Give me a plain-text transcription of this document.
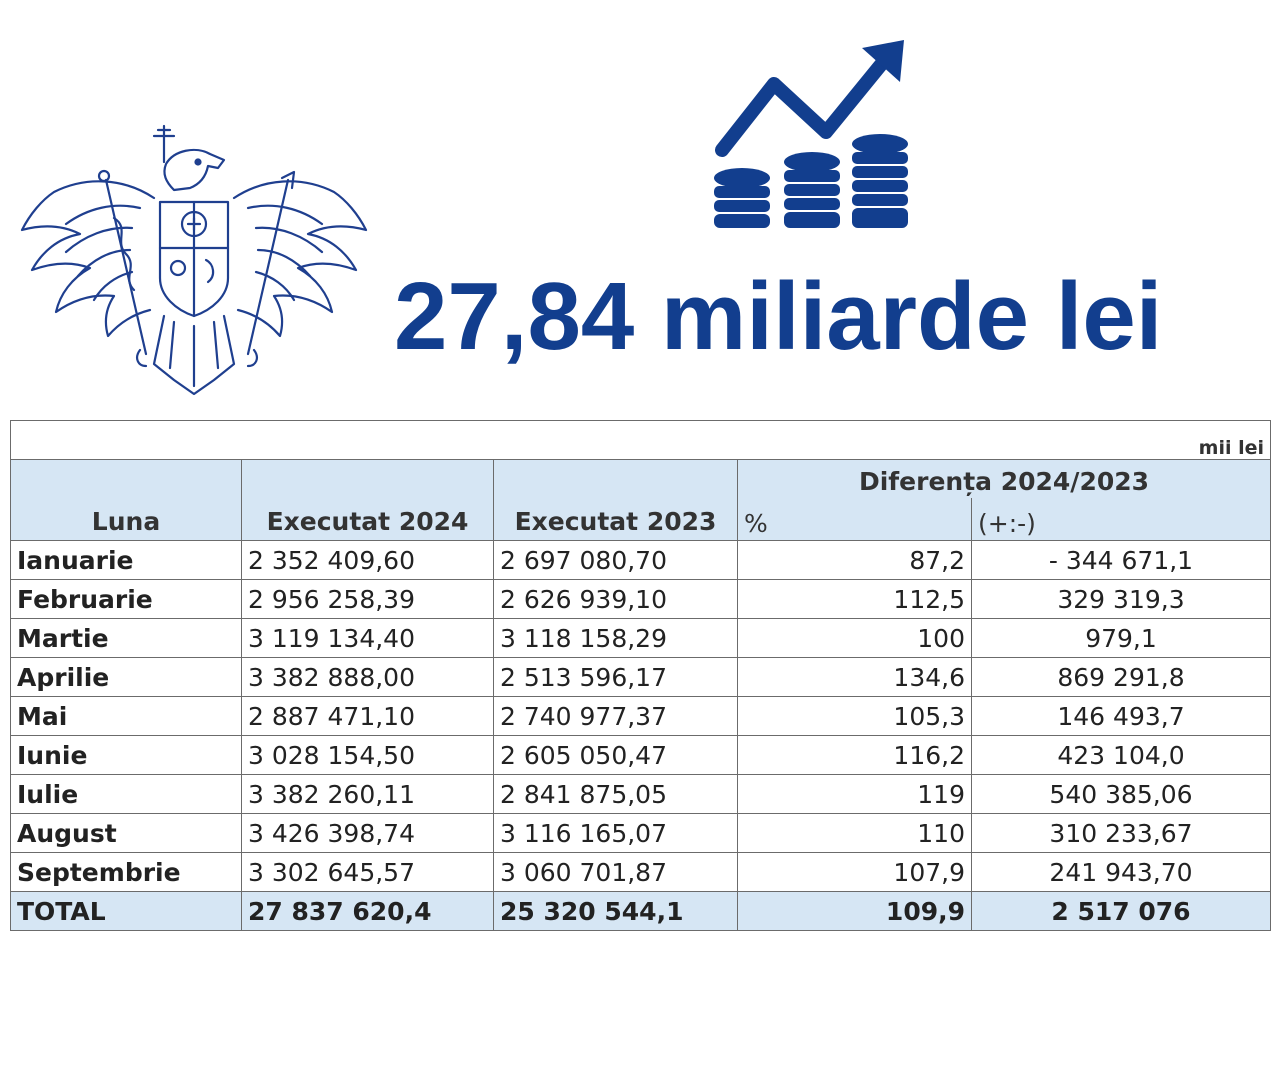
27,84 miliarde lei
mii lei				
Luna	Executat 2024	Executat 2023	Diferența 2024/2023	
			%	(+:-)
Ianuarie	2 352 409,60	2 697 080,70	87,2	- 344 671,1
Februarie	2 956 258,39	2 626 939,10	112,5	329 319,3
Martie	3 119 134,40	3 118 158,29	100	979,1
Aprilie	3 382 888,00	2 513 596,17	134,6	869 291,8
Mai	2 887 471,10	2 740 977,37	105,3	146 493,7
Iunie	3 028 154,50	2 605 050,47	116,2	423 104,0
Iulie	3 382 260,11	2 841 875,05	119	540 385,06
August	3 426 398,74	3 116 165,07	110	310 233,67
Septembrie	3 302 645,57	3 060 701,87	107,9	241 943,70
TOTAL	27 837 620,4	25 320 544,1	109,9	2 517 076
